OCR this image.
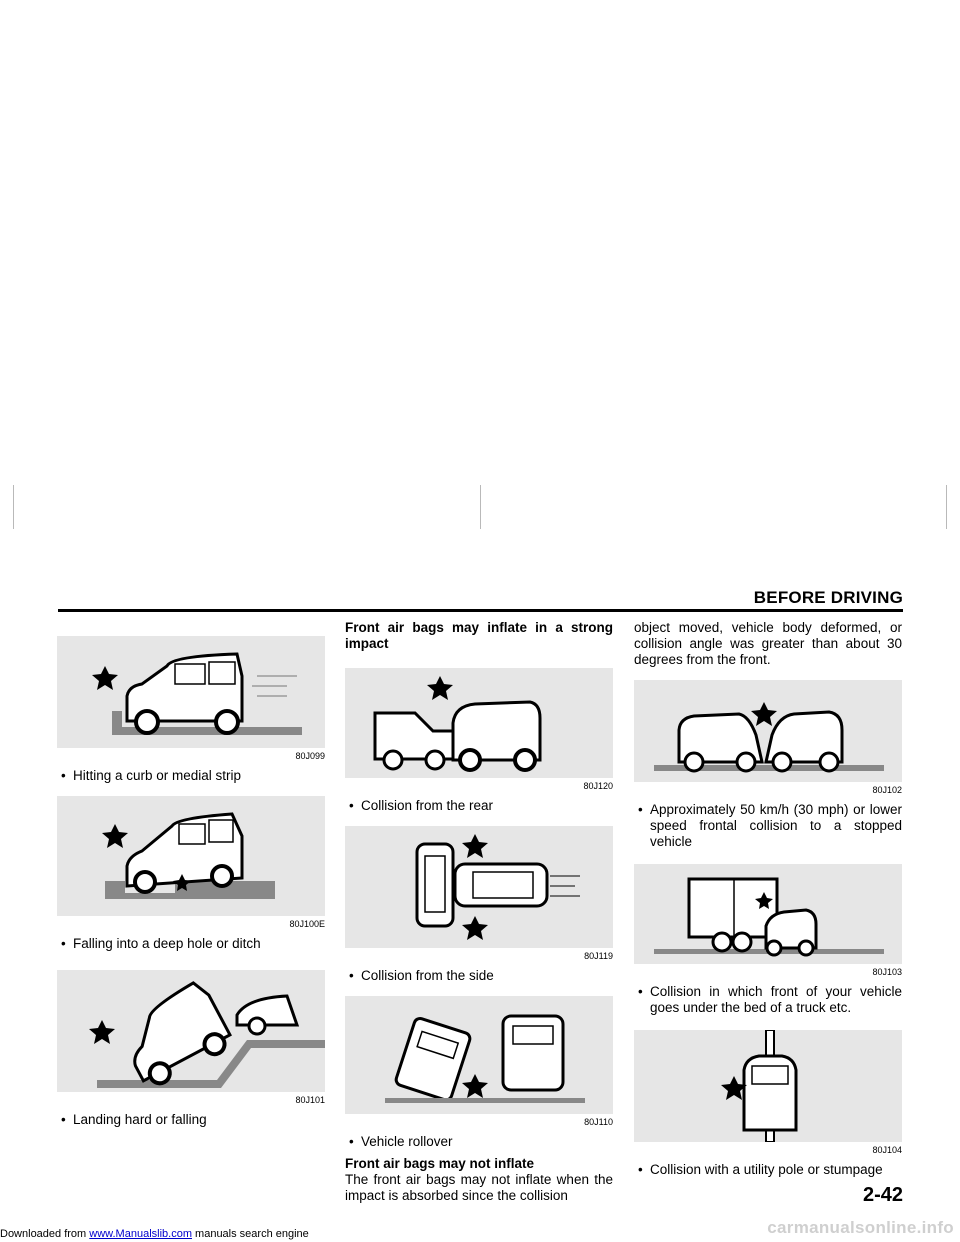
BEFORE DRIVING
80J099
• Hitting a curb or medial strip
80J100E
• Falling into a deep hole or ditch
80J101
• Landing hard or falling
Front air bags may inflate in a strong impact
80J120
• Collision from the rear
80J119
• Collision from the side
80J110
• Vehicle rollover
Front air bags may not inflate
The front air bags may not inflate when the impact is absorbed since the collision
object moved, vehicle body deformed, or collision angle was greater than about 30 degrees from the front.
80J102
• Approximately 50 km/h (30 mph) or lower speed frontal collision to a stopped vehicle
80J103
• Collision in which front of your vehicle goes under the bed of a truck etc.
80J104
• Collision with a utility pole or stumpage
2-42
Downloaded from www.Manualslib.com manuals search engine	carmanualsonline.info
